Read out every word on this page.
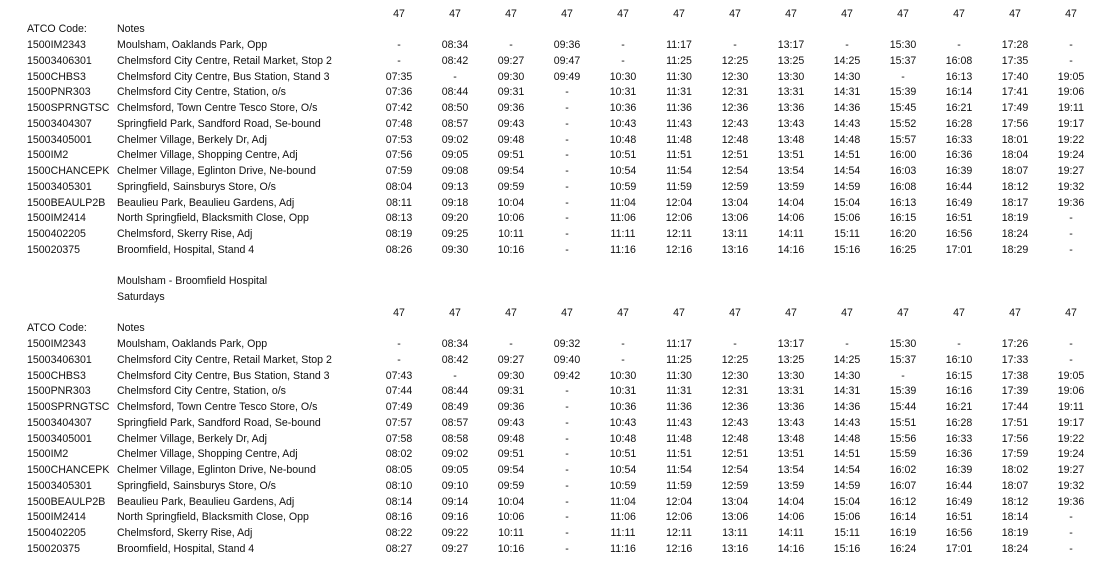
47	47	47	47	47	47	47	47	47	47	47	47	47
ATCO Code:	Notes
1500IM2343	Moulsham, Oaklands Park, Opp	-	08:34	-	09:36	-	11:17	-	13:17	-	15:30	-	17:28	-
15003406301 Chelmsford City Centre, Retail Market, Stop 2	-	08:42	09:27	09:47	-	11:25	12:25	13:25	14:25	15:37	16:08	17:35	-
1500CHBS3	Chelmsford City Centre, Bus Station, Stand 3	07:35	-	09:30	09:49	10:30	11:30	12:30	13:30	14:30	-	16:13	17:40	19:05
1500PNR303 Chelmsford City Centre, Station, o/s	07:36	08:44	09:31	-	10:31	11:31	12:31	13:31	14:31	15:39	16:14	17:41	19:06
1500SPRNGTSC Chelmsford, Town Centre Tesco Store, O/s	07:42	08:50	09:36	-	10:36	11:36	12:36	13:36	14:36	15:45	16:21	17:49	19:11
15003404307 Springfield Park, Sandford Road, Se-bound	07:48	08:57	09:43	-	10:43	11:43	12:43	13:43	14:43	15:52	16:28	17:56	19:17
15003405001 Chelmer Village, Berkely Dr, Adj	07:53	09:02	09:48	-	10:48	11:48	12:48	13:48	14:48	15:57	16:33	18:01	19:22
1500IM2	Chelmer Village, Shopping Centre, Adj	07:56	09:05	09:51	-	10:51	11:51	12:51	13:51	14:51	16:00	16:36	18:04	19:24
1500CHANCEPK Chelmer Village, Eglinton Drive, Ne-bound	07:59	09:08	09:54	-	10:54	11:54	12:54	13:54	14:54	16:03	16:39	18:07	19:27
15003405301 Springfield, Sainsburys Store, O/s	08:04	09:13	09:59	-	10:59	11:59	12:59	13:59	14:59	16:08	16:44	18:12	19:32
1500BEAULP2B Beaulieu Park, Beaulieu Gardens, Adj	08:11	09:18	10:04	-	11:04	12:04	13:04	14:04	15:04	16:13	16:49	18:17	19:36
1500IM2414	North Springfield, Blacksmith Close, Opp	08:13	09:20	10:06	-	11:06	12:06	13:06	14:06	15:06	16:15	16:51	18:19	-
1500402205	Chelmsford, Skerry Rise, Adj	08:19	09:25	10:11	-	11:11	12:11	13:11	14:11	15:11	16:20	16:56	18:24	-
150020375	Broomfield, Hospital, Stand 4	08:26	09:30	10:16	-	11:16	12:16	13:16	14:16	15:16	16:25	17:01	18:29	-
Moulsham - Broomfield Hospital
Saturdays
47	47	47	47	47	47	47	47	47	47	47	47	47
ATCO Code:	Notes
1500IM2343	Moulsham, Oaklands Park, Opp	-	08:34	-	09:32	-	11:17	-	13:17	-	15:30	-	17:26	-
15003406301 Chelmsford City Centre, Retail Market, Stop 2	-	08:42	09:27	09:40	-	11:25	12:25	13:25	14:25	15:37	16:10	17:33	-
1500CHBS3	Chelmsford City Centre, Bus Station, Stand 3	07:43	-	09:30	09:42	10:30	11:30	12:30	13:30	14:30	-	16:15	17:38	19:05
1500PNR303 Chelmsford City Centre, Station, o/s	07:44	08:44	09:31	-	10:31	11:31	12:31	13:31	14:31	15:39	16:16	17:39	19:06
1500SPRNGTSC Chelmsford, Town Centre Tesco Store, O/s	07:49	08:49	09:36	-	10:36	11:36	12:36	13:36	14:36	15:44	16:21	17:44	19:11
15003404307 Springfield Park, Sandford Road, Se-bound	07:57	08:57	09:43	-	10:43	11:43	12:43	13:43	14:43	15:51	16:28	17:51	19:17
15003405001 Chelmer Village, Berkely Dr, Adj	07:58	08:58	09:48	-	10:48	11:48	12:48	13:48	14:48	15:56	16:33	17:56	19:22
1500IM2	Chelmer Village, Shopping Centre, Adj	08:02	09:02	09:51	-	10:51	11:51	12:51	13:51	14:51	15:59	16:36	17:59	19:24
1500CHANCEPK Chelmer Village, Eglinton Drive, Ne-bound	08:05	09:05	09:54	-	10:54	11:54	12:54	13:54	14:54	16:02	16:39	18:02	19:27
15003405301 Springfield, Sainsburys Store, O/s	08:10	09:10	09:59	-	10:59	11:59	12:59	13:59	14:59	16:07	16:44	18:07	19:32
1500BEAULP2B Beaulieu Park, Beaulieu Gardens, Adj	08:14	09:14	10:04	-	11:04	12:04	13:04	14:04	15:04	16:12	16:49	18:12	19:36
1500IM2414	North Springfield, Blacksmith Close, Opp	08:16	09:16	10:06	-	11:06	12:06	13:06	14:06	15:06	16:14	16:51	18:14	-
1500402205	Chelmsford, Skerry Rise, Adj	08:22	09:22	10:11	-	11:11	12:11	13:11	14:11	15:11	16:19	16:56	18:19	-
150020375	Broomfield, Hospital, Stand 4	08:27	09:27	10:16	-	11:16	12:16	13:16	14:16	15:16	16:24	17:01	18:24	-
